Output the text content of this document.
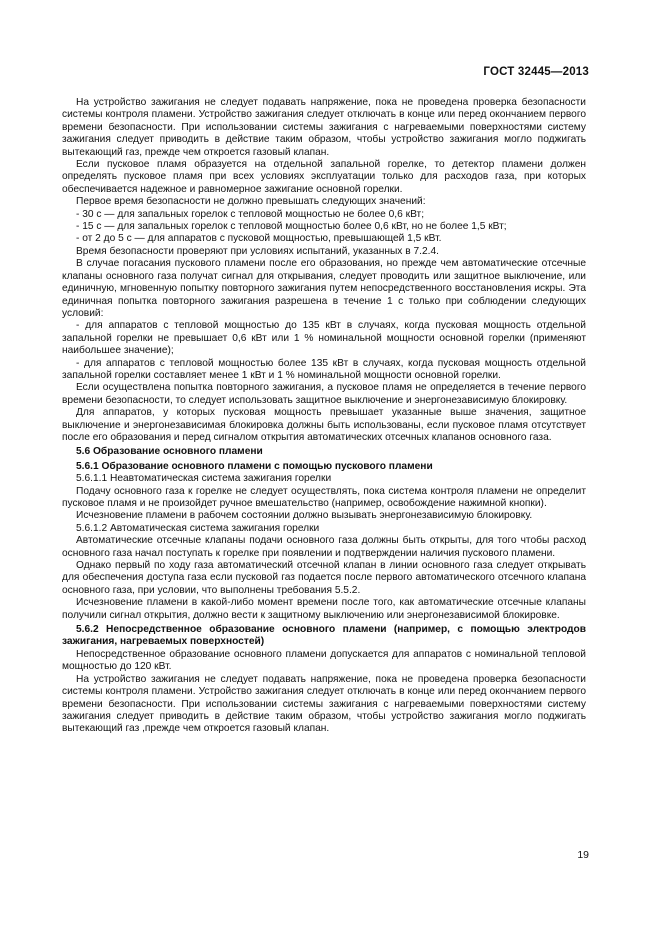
ГОСТ 32445—2013

На устройство зажигания не следует подавать напряжение, пока не проведена проверка безопасности системы контроля пламени. Устройство зажигания следует отключать в конце или перед окончанием первого времени безопасности. При использовании системы зажигания с нагреваемыми поверхностями систему зажигания следует приводить в действие таким образом, чтобы устройство зажигания могло поджигать вытекающий газ, прежде чем откроется газовый клапан.

Если пусковое пламя образуется на отдельной запальной горелке, то детектор пламени должен определять пусковое пламя при всех условиях эксплуатации только для расходов газа, при которых обеспечивается надежное и равномерное зажигание основной горелки.

Первое время безопасности не должно превышать следующих значений:

- 30 с — для запальных горелок с тепловой мощностью не более 0,6 кВт;

- 15 с — для запальных горелок с тепловой мощностью более 0,6 кВт, но не более 1,5 кВт;

- от 2 до 5 с — для аппаратов с пусковой мощностью, превышающей 1,5 кВт.

Время безопасности проверяют при условиях испытаний, указанных в 7.2.4.

В случае погасания пускового пламени после его образования, но прежде чем автоматические отсечные клапаны основного газа получат сигнал для открывания, следует проводить или защитное выключение, или единичную, мгновенную попытку повторного зажигания путем непосредственного восстановления искры. Эта единичная попытка повторного зажигания разрешена в течение 1 с только при соблюдении следующих условий:

- для аппаратов с тепловой мощностью до 135 кВт в случаях, когда пусковая мощность отдельной запальной горелки не превышает 0,6 кВт или 1 % номинальной мощности основной горелки (применяют наибольшее значение);

- для аппаратов с тепловой мощностью более 135 кВт в случаях, когда пусковая мощность отдельной запальной горелки составляет менее 1 кВт и 1 % номинальной мощности основной горелки.

Если осуществлена попытка повторного зажигания, а пусковое пламя не определяется в течение первого времени безопасности, то следует использовать защитное выключение и энергонезависимую блокировку.

Для аппаратов, у которых пусковая мощность превышает указанные выше значения, защитное выключение и энергонезависимая блокировка должны быть использованы, если пусковое пламя отсутствует после его образования и перед сигналом открытия автоматических отсечных клапанов основного газа.

5.6 Образование основного пламени

5.6.1 Образование основного пламени с помощью пускового пламени

5.6.1.1 Неавтоматическая система зажигания горелки

Подачу основного газа к горелке не следует осуществлять, пока система контроля пламени не определит пусковое пламя и не произойдет ручное вмешательство (например, освобождение нажимной кнопки).

Исчезновение пламени в рабочем состоянии должно вызывать энергонезависимую блокировку.

5.6.1.2 Автоматическая система зажигания горелки

Автоматические отсечные клапаны подачи основного газа должны быть открыты, для того чтобы расход основного газа начал поступать к горелке при появлении и подтверждении наличия пускового пламени.

Однако первый по ходу газа автоматический отсечной клапан в линии основного газа следует открывать для обеспечения доступа газа если пусковой газ подается после первого автоматического отсечного клапана основного газа, при условии, что выполнены требования 5.5.2.

Исчезновение пламени в какой-либо момент времени после того, как автоматические отсечные клапаны получили сигнал открытия, должно вести к защитному выключению или энергонезависимой блокировке.

5.6.2 Непосредственное образование основного пламени (например, с помощью электродов зажигания, нагреваемых поверхностей)

Непосредственное образование основного пламени допускается для аппаратов с номинальной тепловой мощностью до 120 кВт.

На устройство зажигания не следует подавать напряжение, пока не проведена проверка безопасности системы контроля пламени. Устройство зажигания следует отключать в конце или перед окончанием первого времени безопасности. При использовании системы зажигания с нагреваемыми поверхностями систему зажигания следует приводить в действие таким образом, чтобы устройство зажигания могло поджигать вытекающий газ ,прежде чем откроется газовый клапан.

19
